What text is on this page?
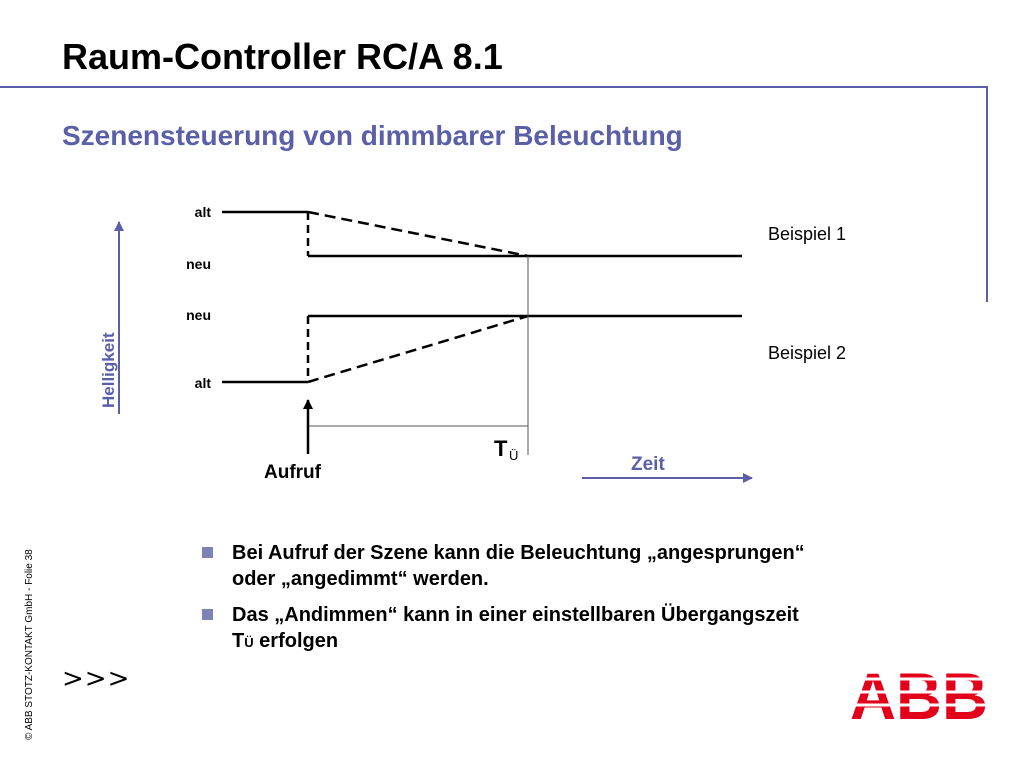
Raum-Controller RC/A 8.1
Szenensteuerung von dimmbarer Beleuchtung
Helligkeit
alt
neu
neu
alt
Beispiel 1
Beispiel 2
Aufruf
T Ü	Zeit
Bei Aufruf der Szene kann die Beleuchtung „angesprungen“ oder „angedimmt“ werden.
Das „Andimmen“ kann in einer einstellbaren Übergangszeit TÜ erfolgen
>>>
© ABB STOTZ-KONTAKT GmbH - Folie 38	ABB
